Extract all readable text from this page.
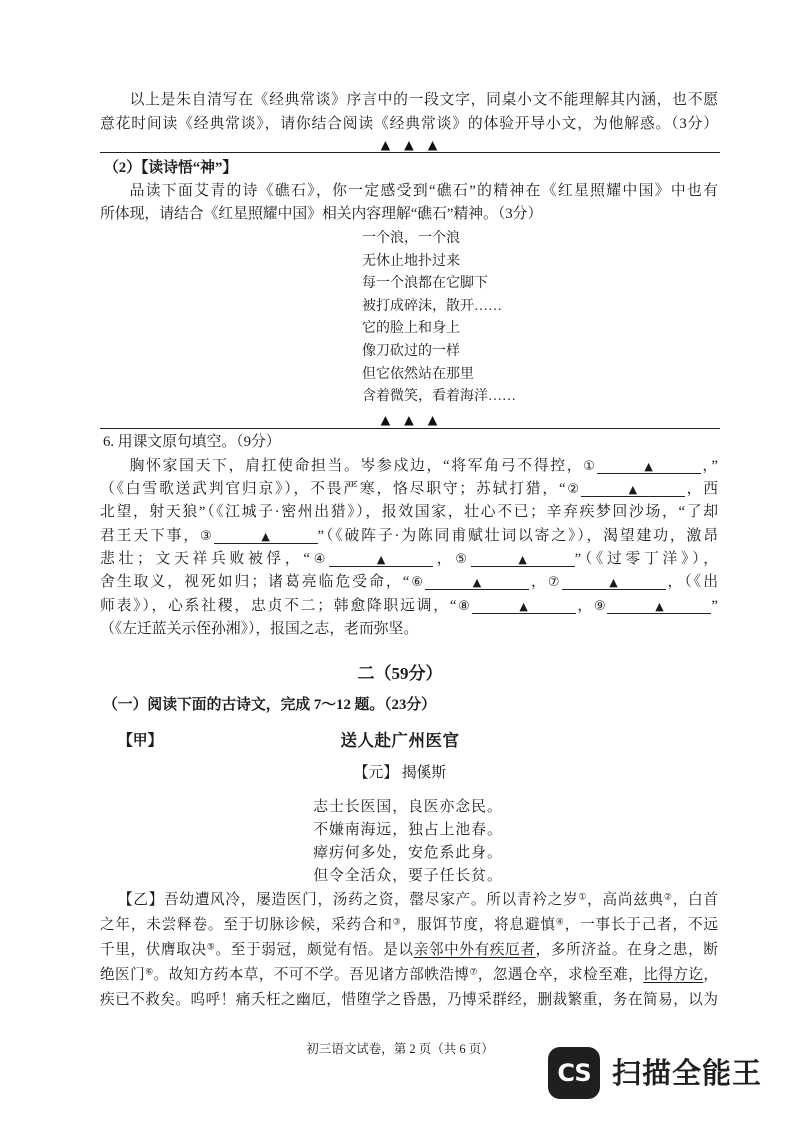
以上是朱自清写在《经典常谈》序言中的一段文字，同桌小文不能理解其内涵，也不愿
意花时间读《经典常谈》，请你结合阅读《经典常谈》的体验开导小文，为他解惑。（3分）
▲ ▲ ▲
（2）【读诗悟“神”】
品读下面艾青的诗《礁石》，你一定感受到“礁石”的精神在《红星照耀中国》中也有
所体现，请结合《红星照耀中国》相关内容理解“礁石”精神。（3分）
一个浪，一个浪
无休止地扑过来
每一个浪都在它脚下
被打成碎沫，散开……
它的脸上和身上
像刀砍过的一样
但它依然站在那里
含着微笑，看着海洋……
▲ ▲ ▲
6. 用课文原句填空。（9分）
胸怀家国天下，肩扛使命担当。岑参戍边，“将军角弓不得控，①	▲	，”
（《白雪歌送武判官归京》），不畏严寒，恪尽职守；苏轼打猎，“②	▲	，西
北望，射天狼”（《江城子·密州出猎》），报效国家，壮心不已；辛弃疾梦回沙场，“了却
君王天下事，③	▲	”（《破阵子·为陈同甫赋壮词以寄之》），渴望建功，激昂
悲壮；文天祥兵败被俘，“④	▲	，⑤	▲	”（《过零丁洋》），
舍生取义，视死如归；诸葛亮临危受命，“⑥	▲	，⑦	▲	，（《出
师表》），心系社稷，忠贞不二；韩愈降职远调，“⑧	▲	，⑨	▲	”
（《左迁蓝关示侄孙湘》），报国之志，老而弥坚。
二（59分）
（一）阅读下面的古诗文，完成 7～12 题。（23分）
【甲】	送人赴广州医官
【元】 揭傒斯
志士长医国，良医亦念民。
不嫌南海远，独占上池春。
瘴疠何多处，安危系此身。
但令全活众，要子任长贫。
【乙】吾幼遭风冷，屡造医门，汤药之资，罄尽家产。所以青衿之岁①，高尚兹典②，白首
之年，未尝释卷。至于切脉诊候，采药合和③，服饵节度，将息避慎④，一事长于己者，不远
千里，伏膺取决⑤。至于弱冠，颇觉有悟。是以亲邻中外有疾厄者，多所济益。在身之患，断
绝医门⑥。故知方药本草，不可不学。吾见诸方部帙浩博⑦，忽遇仓卒，求检至难，比得方讫，
疾已不救矣。呜呼！痛夭枉之幽厄，惜堕学之昏愚，乃博采群经，删裁繁重，务在简易，以为
初三语文试卷，第 2 页（共 6 页）
CS 扫描全能王
